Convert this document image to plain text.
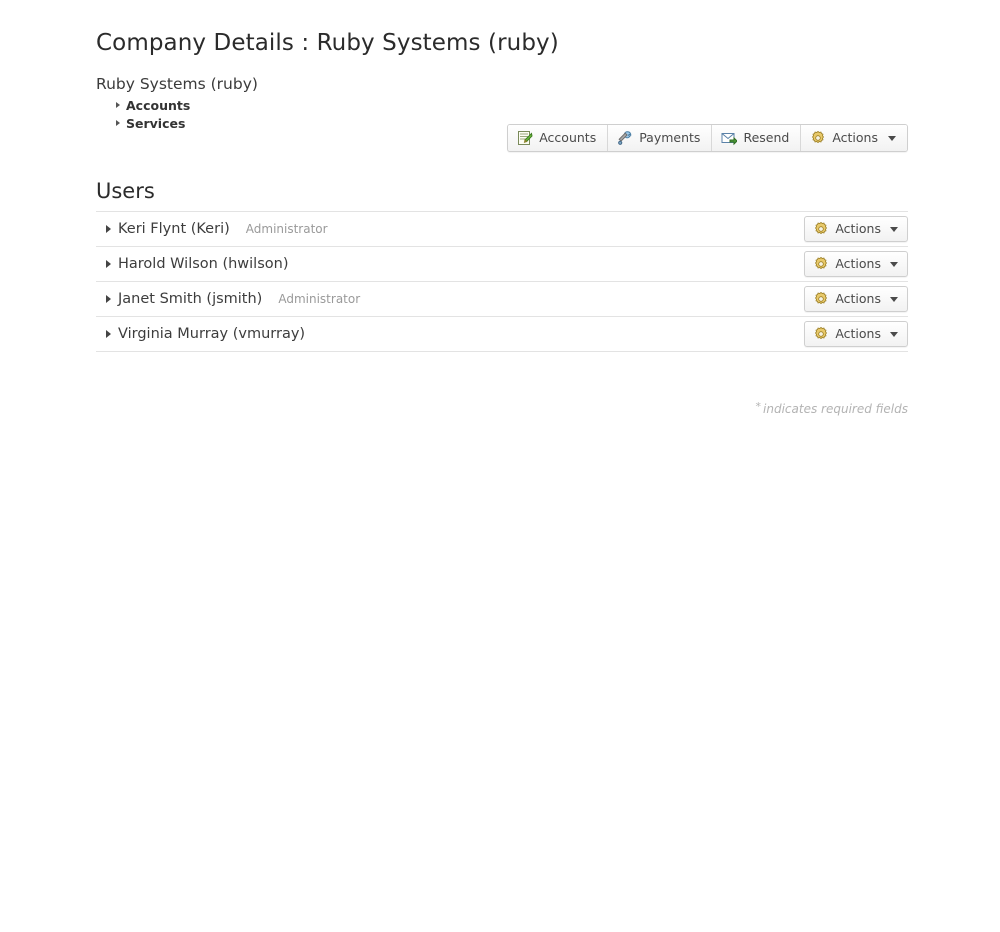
Company Details : Ruby Systems (ruby)
Ruby Systems (ruby)
Accounts
Services
Accounts	Payments	Resend	Actions
Users
Keri Flynt (Keri) Administrator	Actions
Harold Wilson (hwilson)	Actions
Janet Smith (jsmith) Administrator	Actions
Virginia Murray (vmurray)	Actions
* indicates required fields
